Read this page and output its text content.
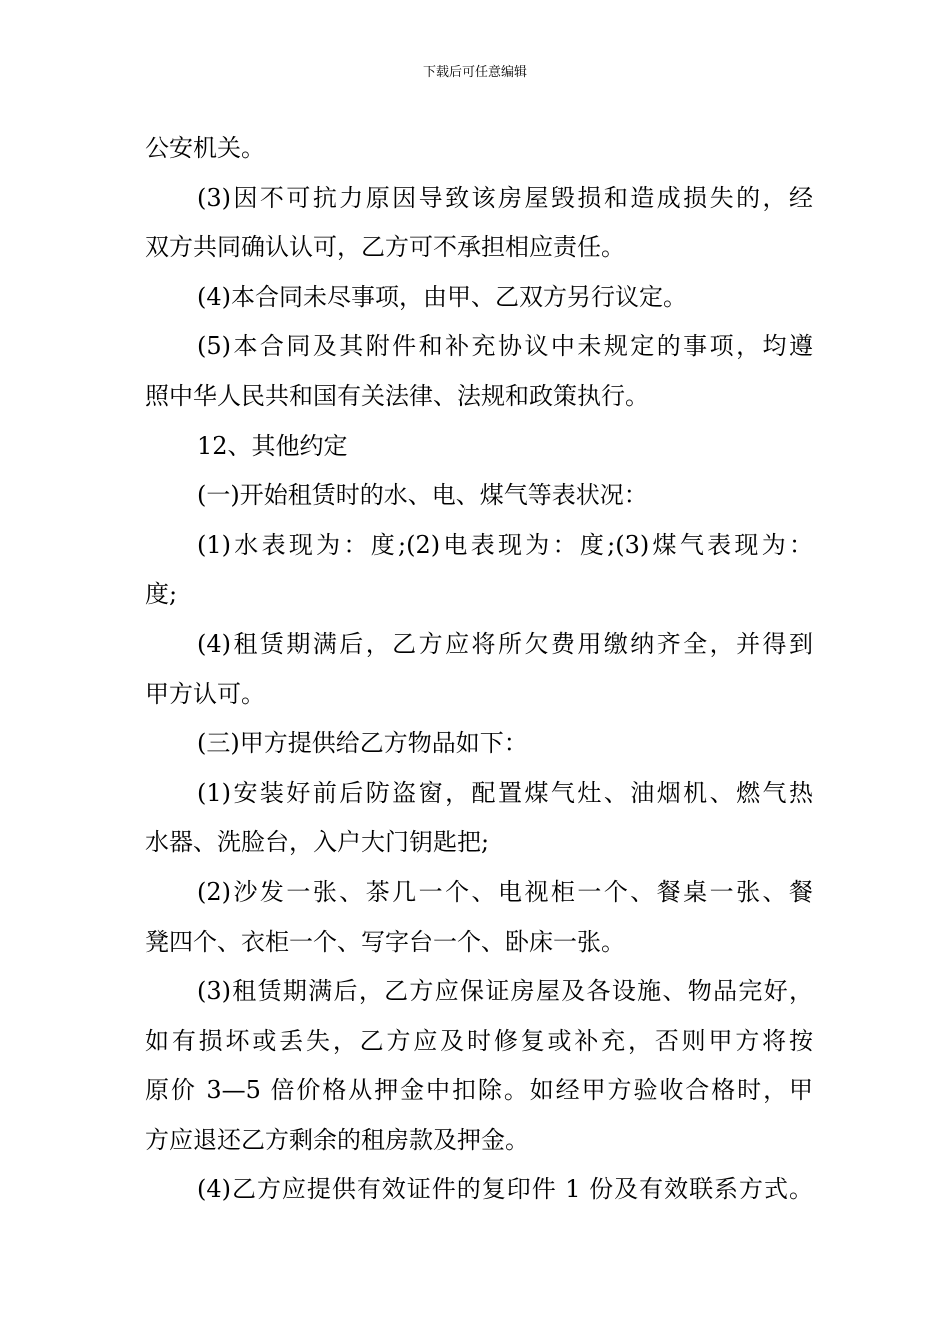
下载后可任意编辑

公安机关。

(3)因不可抗力原因导致该房屋毁损和造成损失的，经

双方共同确认认可，乙方可不承担相应责任。

(4)本合同未尽事项，由甲、乙双方另行议定。

(5)本合同及其附件和补充协议中未规定的事项，均遵

照中华人民共和国有关法律、法规和政策执行。

12、其他约定

(一)开始租赁时的水、电、煤气等表状况：

(1)水表现为：度;(2)电表现为：度;(3)煤气表现为：

度;

(4)租赁期满后，乙方应将所欠费用缴纳齐全，并得到

甲方认可。

(三)甲方提供给乙方物品如下：

(1)安装好前后防盗窗，配置煤气灶、油烟机、燃气热

水器、洗脸台，入户大门钥匙把;

(2)沙发一张、茶几一个、电视柜一个、餐桌一张、餐

凳四个、衣柜一个、写字台一个、卧床一张。

(3)租赁期满后，乙方应保证房屋及各设施、物品完好，

如有损坏或丢失，乙方应及时修复或补充，否则甲方将按

原价 3—5 倍价格从押金中扣除。如经甲方验收合格时，甲

方应退还乙方剩余的租房款及押金。

(4)乙方应提供有效证件的复印件 1 份及有效联系方式。
